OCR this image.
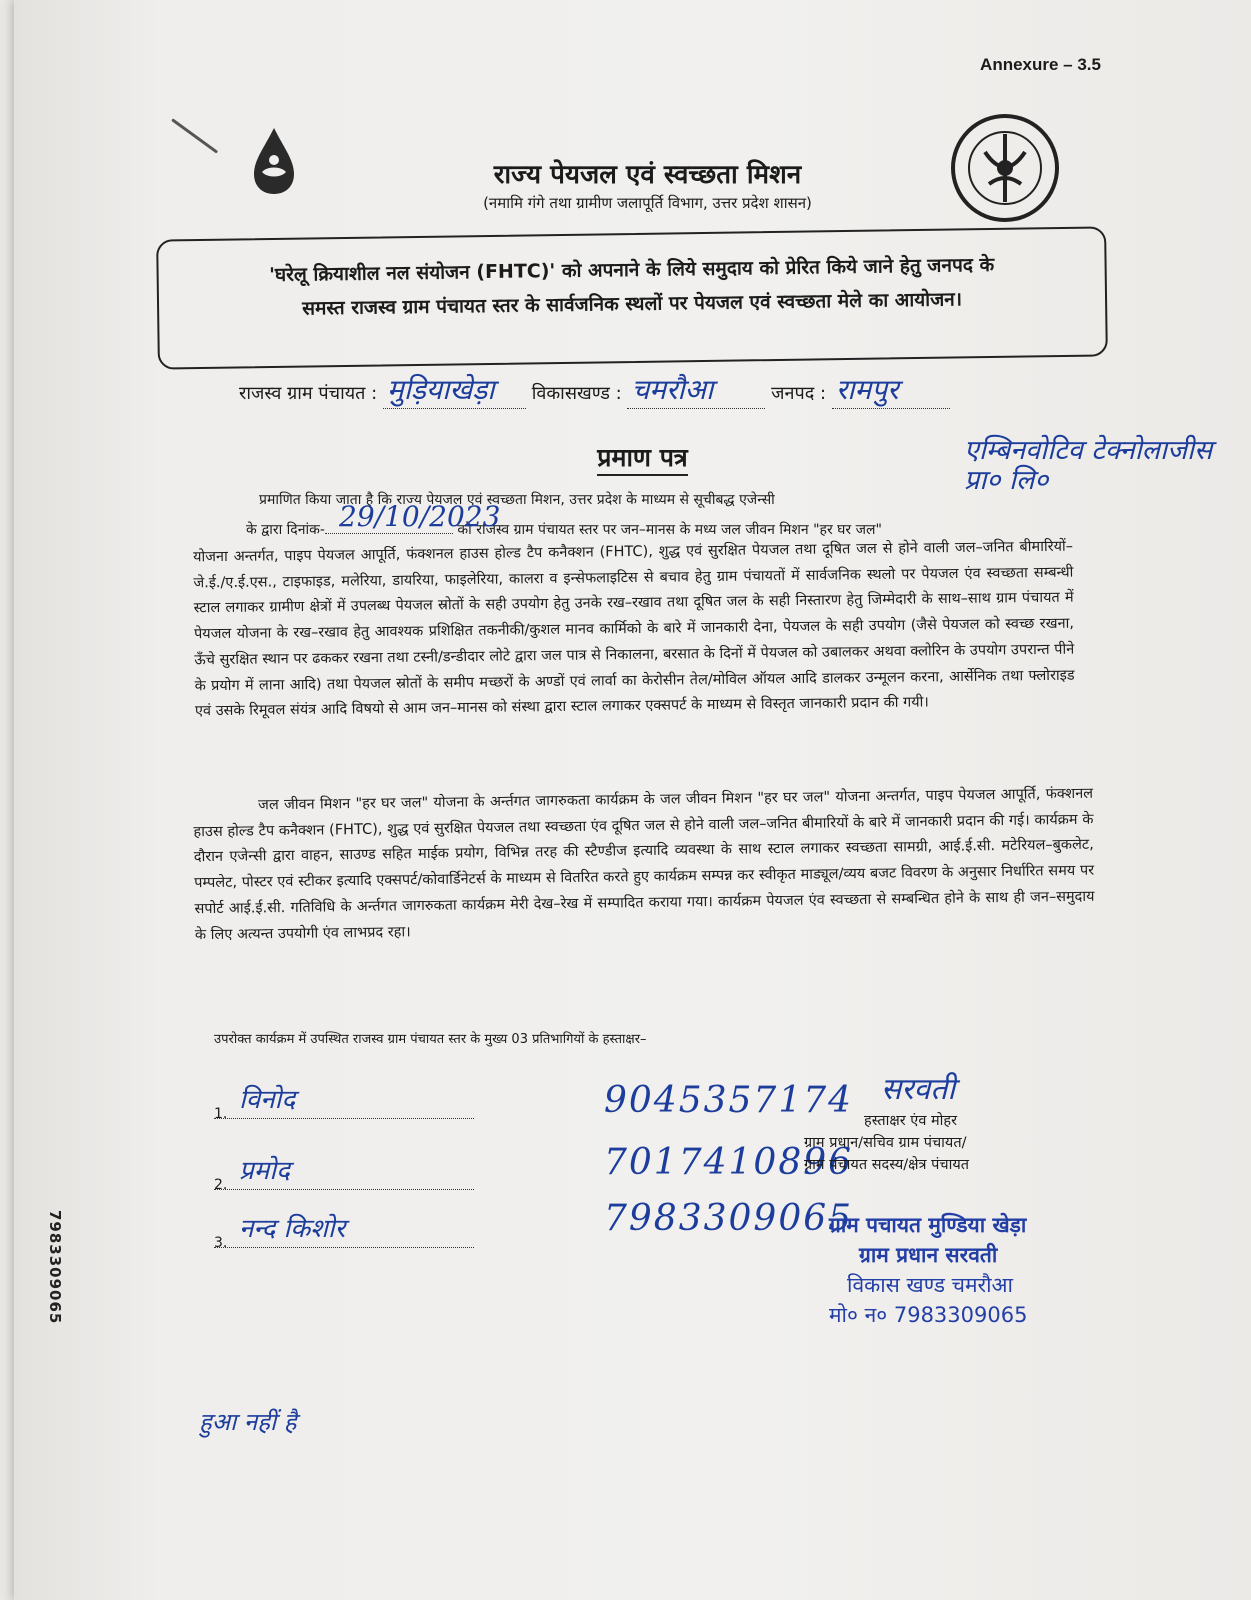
Annexure – 3.5
राज्य पेयजल एवं स्वच्छता मिशन
(नमामि गंगे तथा ग्रामीण जलापूर्ति विभाग, उत्तर प्रदेश शासन)
'घरेलू क्रियाशील नल संयोजन (FHTC)' को अपनाने के लिये समुदाय को प्रेरित किये जाने हेतु जनपद के
समस्त राजस्व ग्राम पंचायत स्तर के सार्वजनिक स्थलों पर पेयजल एवं स्वच्छता मेले का आयोजन।
राजस्व ग्राम पंचायत : मुड़ियाखेड़ा विकासखण्ड : चमरौआ	जनपद : रामपुर
प्रमाण पत्र
प्रमाणित किया जाता है कि राज्य पेयजल एवं स्वच्छता मिशन, उत्तर प्रदेश के माध्यम से सूचीबद्ध एजेन्सी
एम्बिनवोटिव टेक्नोलाजीस प्रा० लि०
के द्वारा दिनांक-	को राजस्व ग्राम पंचायत स्तर पर जन–मानस के मध्य जल जीवन मिशन "हर घर जल"
29/10/2023
योजना अन्तर्गत, पाइप पेयजल आपूर्ति, फंक्शनल हाउस होल्ड टैप कनैक्शन (FHTC), शुद्ध एवं सुरक्षित पेयजल तथा दूषित जल से होने वाली जल–जनित बीमारियों–जे.ई./ए.ई.एस., टाइफाइड, मलेरिया, डायरिया, फाइलेरिया, कालरा व इन्सेफलाइटिस से बचाव हेतु ग्राम पंचायतों में सार्वजनिक स्थलो पर पेयजल एंव स्वच्छता सम्बन्धी स्टाल लगाकर ग्रामीण क्षेत्रों में उपलब्ध पेयजल स्रोतों के सही उपयोग हेतु उनके रख–रखाव तथा दूषित जल के सही निस्तारण हेतु जिम्मेदारी के साथ–साथ ग्राम पंचायत में पेयजल योजना के रख–रखाव हेतु आवश्यक प्रशिक्षित तकनीकी/कुशल मानव कार्मिको के बारे में जानकारी देना, पेयजल के सही उपयोग (जैसे पेयजल को स्वच्छ रखना, ऊँचे सुरक्षित स्थान पर ढककर रखना तथा टस्नी/डन्डीदार लोटे द्वारा जल पात्र से निकालना, बरसात के दिनों में पेयजल को उबालकर अथवा क्लोरिन के उपयोग उपरान्त पीने के प्रयोग में लाना आदि) तथा पेयजल स्रोतों के समीप मच्छरों के अण्डों एवं लार्वा का केरोसीन तेल/मोविल ऑयल आदि डालकर उन्मूलन करना, आर्सेनिक तथा फ्लोराइड एवं उसके रिमूवल संयंत्र आदि विषयो से आम जन–मानस को संस्था द्वारा स्टाल लगाकर एक्सपर्ट के माध्यम से विस्तृत जानकारी प्रदान की गयी।
जल जीवन मिशन "हर घर जल" योजना के अर्न्तगत जागरुकता कार्यक्रम के जल जीवन मिशन "हर घर जल" योजना अन्तर्गत, पाइप पेयजल आपूर्ति, फंक्शनल हाउस होल्ड टैप कनैक्शन (FHTC), शुद्ध एवं सुरक्षित पेयजल तथा स्वच्छता एंव दूषित जल से होने वाली जल–जनित बीमारियों के बारे में जानकारी प्रदान की गई। कार्यक्रम के दौरान एजेन्सी द्वारा वाहन, साउण्ड सहित माईक प्रयोग, विभिन्न तरह की स्टैण्डीज इत्यादि व्यवस्था के साथ स्टाल लगाकर स्वच्छता सामग्री, आई.ई.सी. मटेरियल–बुकलेट, पम्पलेट, पोस्टर एवं स्टीकर इत्यादि एक्सपर्ट/कोवार्डिनेटर्स के माध्यम से वितरित करते हुए कार्यक्रम सम्पन्न कर स्वीकृत माड्यूल/व्यय बजट विवरण के अनुसार निर्धारित समय पर सपोर्ट आई.ई.सी. गतिविधि के अर्न्तगत जागरुकता कार्यक्रम मेरी देख–रेख में सम्पादित कराया गया। कार्यक्रम पेयजल एंव स्वच्छता से सम्बन्धित होने के साथ ही जन–समुदाय के लिए अत्यन्त उपयोगी एंव लाभप्रद रहा।
उपरोक्त कार्यक्रम में उपस्थित राजस्व ग्राम पंचायत स्तर के मुख्य 03 प्रतिभागियों के हस्ताक्षर–
1. विनोद
2. प्रमोद
3. नन्द किशोर
9045357174
7017410896
7983309065
सरवती
हस्ताक्षर एंव मोहर
ग्राम प्रधान/सचिव ग्राम पंचायत/
ग्राम पंचायत सदस्य/क्षेत्र पंचायत
ग्राम पचायत मुण्डिया खेड़ा
ग्राम प्रधान सरवती
विकास खण्ड चमरौआ
मो० न० 7983309065
हुआ नहीं है
7983309065
